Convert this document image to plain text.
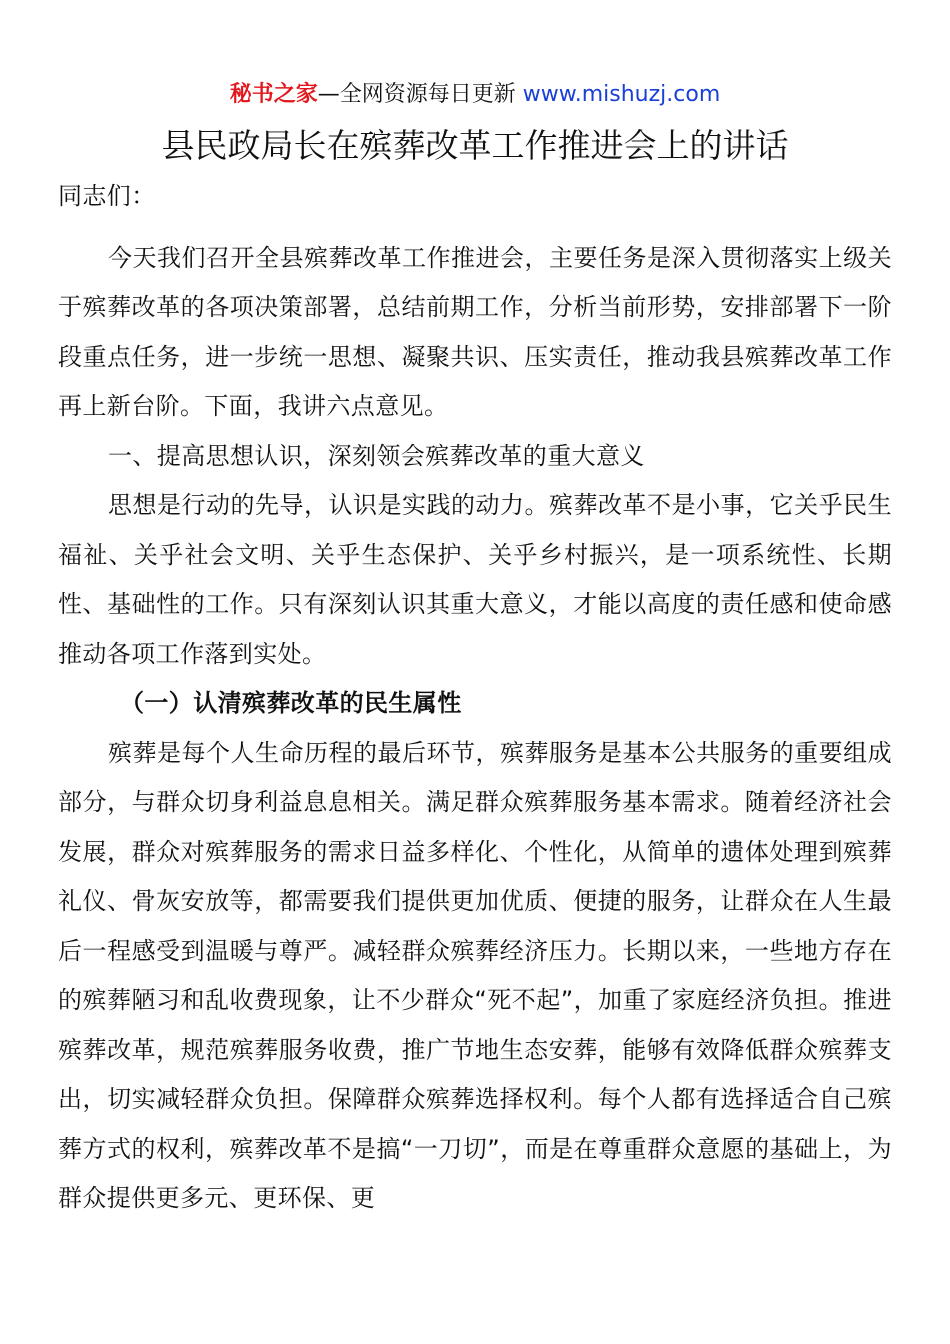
秘书之家—全网资源每日更新 www.mishuzj.com
县民政局长在殡葬改革工作推进会上的讲话

同志们：

今天我们召开全县殡葬改革工作推进会，主要任务是深入贯彻落实上级关于殡葬改革的各项决策部署，总结前期工作，分析当前形势，安排部署下一阶段重点任务，进一步统一思想、凝聚共识、压实责任，推动我县殡葬改革工作再上新台阶。下面，我讲六点意见。

一、提高思想认识，深刻领会殡葬改革的重大意义

思想是行动的先导，认识是实践的动力。殡葬改革不是小事，它关乎民生福祉、关乎社会文明、关乎生态保护、关乎乡村振兴，是一项系统性、长期性、基础性的工作。只有深刻认识其重大意义，才能以高度的责任感和使命感推动各项工作落到实处。

（一）认清殡葬改革的民生属性

殡葬是每个人生命历程的最后环节，殡葬服务是基本公共服务的重要组成部分，与群众切身利益息息相关。满足群众殡葬服务基本需求。随着经济社会发展，群众对殡葬服务的需求日益多样化、个性化，从简单的遗体处理到殡葬礼仪、骨灰安放等，都需要我们提供更加优质、便捷的服务，让群众在人生最后一程感受到温暖与尊严。减轻群众殡葬经济压力。长期以来，一些地方存在的殡葬陋习和乱收费现象，让不少群众“死不起”，加重了家庭经济负担。推进殡葬改革，规范殡葬服务收费，推广节地生态安葬，能够有效降低群众殡葬支出，切实减轻群众负担。保障群众殡葬选择权利。每个人都有选择适合自己殡葬方式的权利，殡葬改革不是搞“一刀切”，而是在尊重群众意愿的基础上，为群众提供更多元、更环保、更
